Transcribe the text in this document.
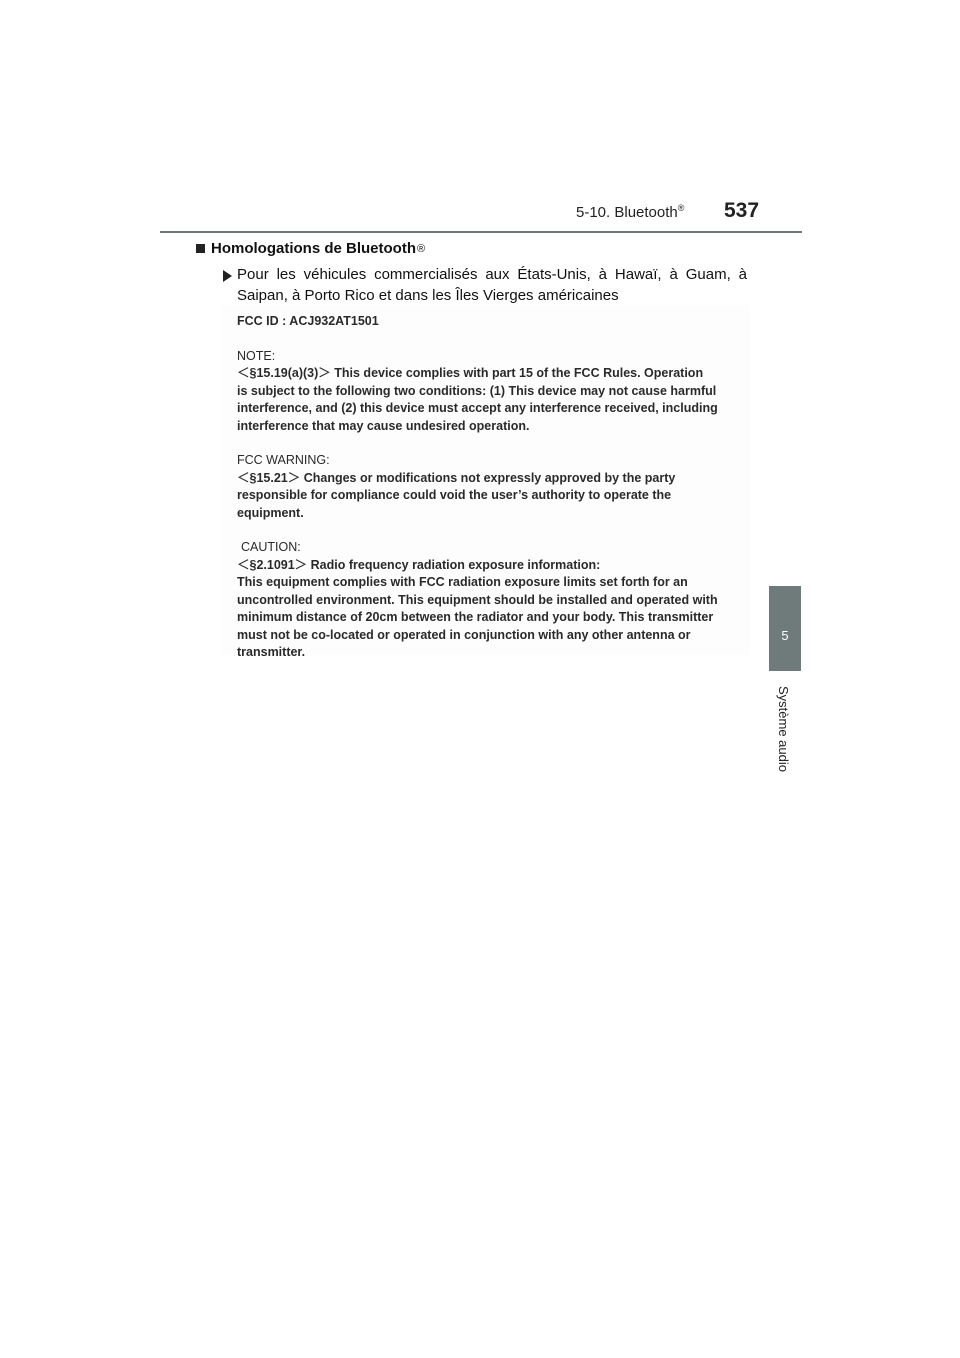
5-10. Bluetooth® 537
5
Système audio
Homologations de Bluetooth ®
Pour les véhicules commercialisés aux États-Unis, à Hawaï, à Guam, à Saipan, à Porto Rico et dans les Îles Vierges américaines

FCC ID : ACJ932AT1501

NOTE:

＜§15.19(a)(3)＞ This device complies with part 15 of the FCC Rules. Operation

is subject to the following two conditions: (1) This device may not cause harmful

interference, and (2) this device must accept any interference received, including

interference that may cause undesired operation.

FCC WARNING:

＜§15.21＞ Changes or modifications not expressly approved by the party

responsible for compliance could void the user’s authority to operate the

equipment.

CAUTION:

＜§2.1091＞ Radio frequency radiation exposure information:

This equipment complies with FCC radiation exposure limits set forth for an

uncontrolled environment. This equipment should be installed and operated with

minimum distance of 20cm between the radiator and your body. This transmitter

must not be co-located or operated in conjunction with any other antenna or

transmitter.
